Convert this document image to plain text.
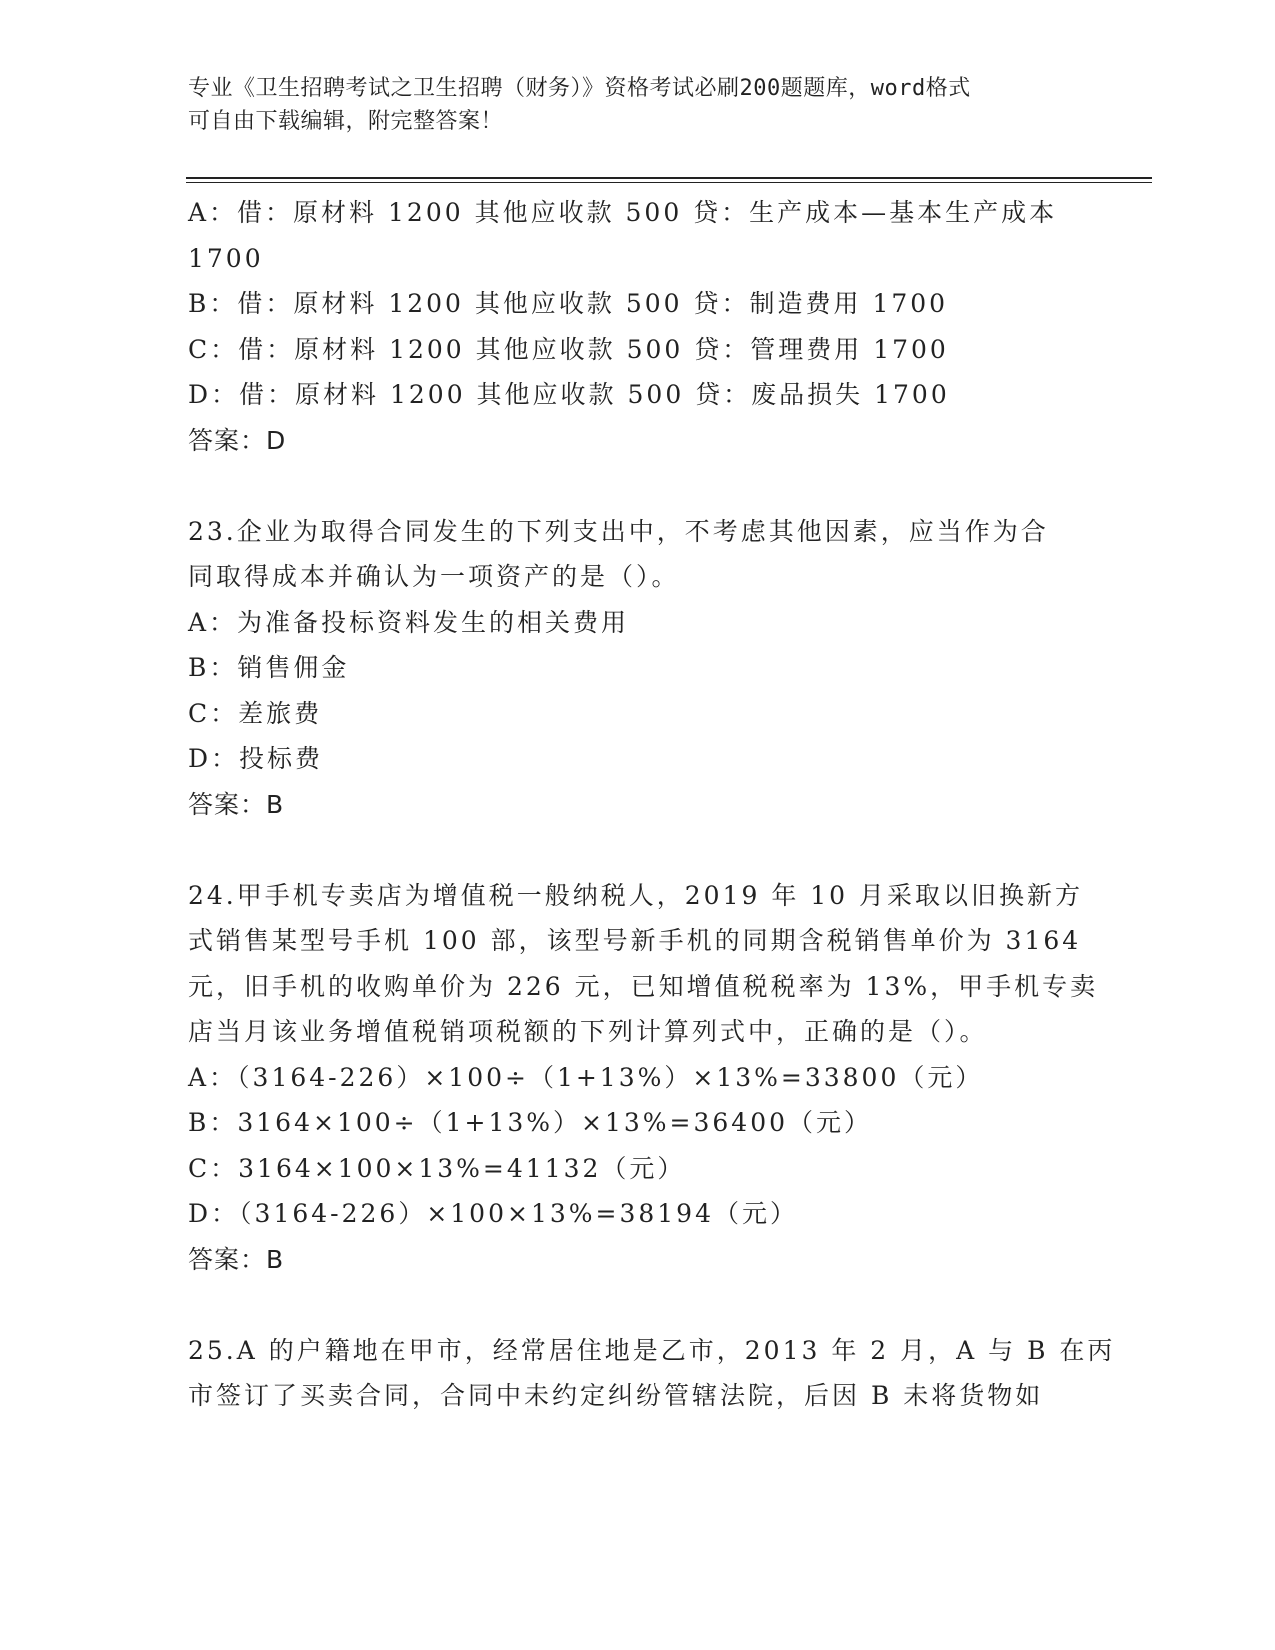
专业《卫生招聘考试之卫生招聘（财务）》资格考试必刷200题题库，word格式
可自由下载编辑，附完整答案！
A：借：原材料 1200 其他应收款 500 贷：生产成本—基本生产成本
1700
B：借：原材料 1200 其他应收款 500 贷：制造费用 1700
C：借：原材料 1200 其他应收款 500 贷：管理费用 1700
D：借：原材料 1200 其他应收款 500 贷：废品损失 1700
答案：D
23.企业为取得合同发生的下列支出中，不考虑其他因素，应当作为合
同取得成本并确认为一项资产的是（）。
A：为准备投标资料发生的相关费用
B：销售佣金
C：差旅费
D：投标费
答案：B
24.甲手机专卖店为增值税一般纳税人，2019 年 10 月采取以旧换新方
式销售某型号手机 100 部，该型号新手机的同期含税销售单价为 3164
元，旧手机的收购单价为 226 元，已知增值税税率为 13%，甲手机专卖
店当月该业务增值税销项税额的下列计算列式中，正确的是（）。
A：（3164-226）×100÷（1+13%）×13%=33800（元）
B：3164×100÷（1+13%）×13%=36400（元）
C：3164×100×13%=41132（元）
D：（3164-226）×100×13%=38194（元）
答案：B
25.A 的户籍地在甲市，经常居住地是乙市，2013 年 2 月，A 与 B 在丙
市签订了买卖合同，合同中未约定纠纷管辖法院，后因 B 未将货物如
